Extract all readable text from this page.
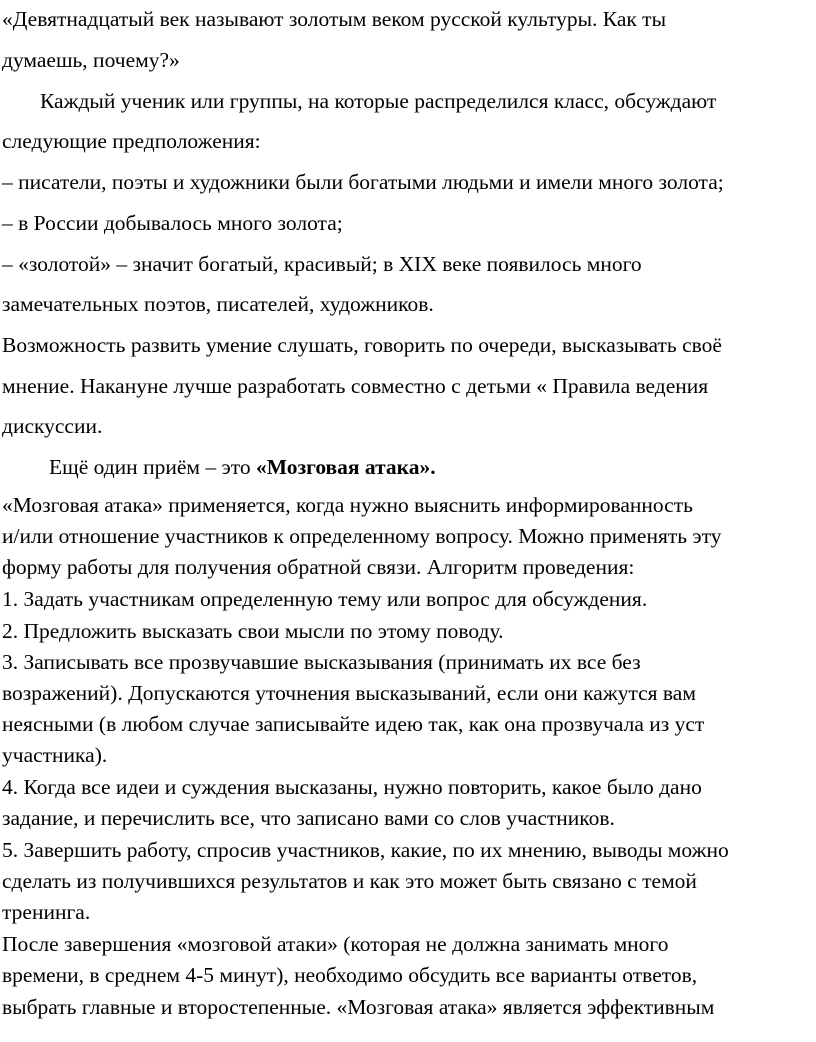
«Девятнадцатый век называют золотым веком русской культуры. Как ты

думаешь, почему?»

Каждый ученик или группы, на которые распределился класс, обсуждают

следующие предположения:

– писатели, поэты и художники были богатыми людьми и имели много золота;

– в России добывалось много золота;

– «золотой» – значит богатый, красивый; в XIX веке появилось много

замечательных поэтов, писателей, художников.

Возможность развить умение слушать, говорить по очереди, высказывать своё

мнение. Накануне лучше разработать совместно с детьми « Правила ведения

дискуссии.

Ещё один приём – это «Мозговая атака».

«Мозговая атака» применяется, когда нужно выяснить информированность

и/или отношение участников к определенному вопросу. Можно применять эту

форму работы для получения обратной связи. Алгоритм проведения:

1. Задать участникам определенную тему или вопрос для обсуждения.

2. Предложить высказать свои мысли по этому поводу.

3. Записывать все прозвучавшие высказывания (принимать их все без

возражений). Допускаются уточнения высказываний, если они кажутся вам

неясными (в любом случае записывайте идею так, как она прозвучала из уст

участника).

4. Когда все идеи и суждения высказаны, нужно повторить, какое было дано

задание, и перечислить все, что записано вами со слов участников.

5. Завершить работу, спросив участников, какие, по их мнению, выводы можно

сделать из получившихся результатов и как это может быть связано с темой

тренинга.

После завершения «мозговой атаки» (которая не должна занимать много

времени, в среднем 4-5 минут), необходимо обсудить все варианты ответов,

выбрать главные и второстепенные. «Мозговая атака» является эффективным
